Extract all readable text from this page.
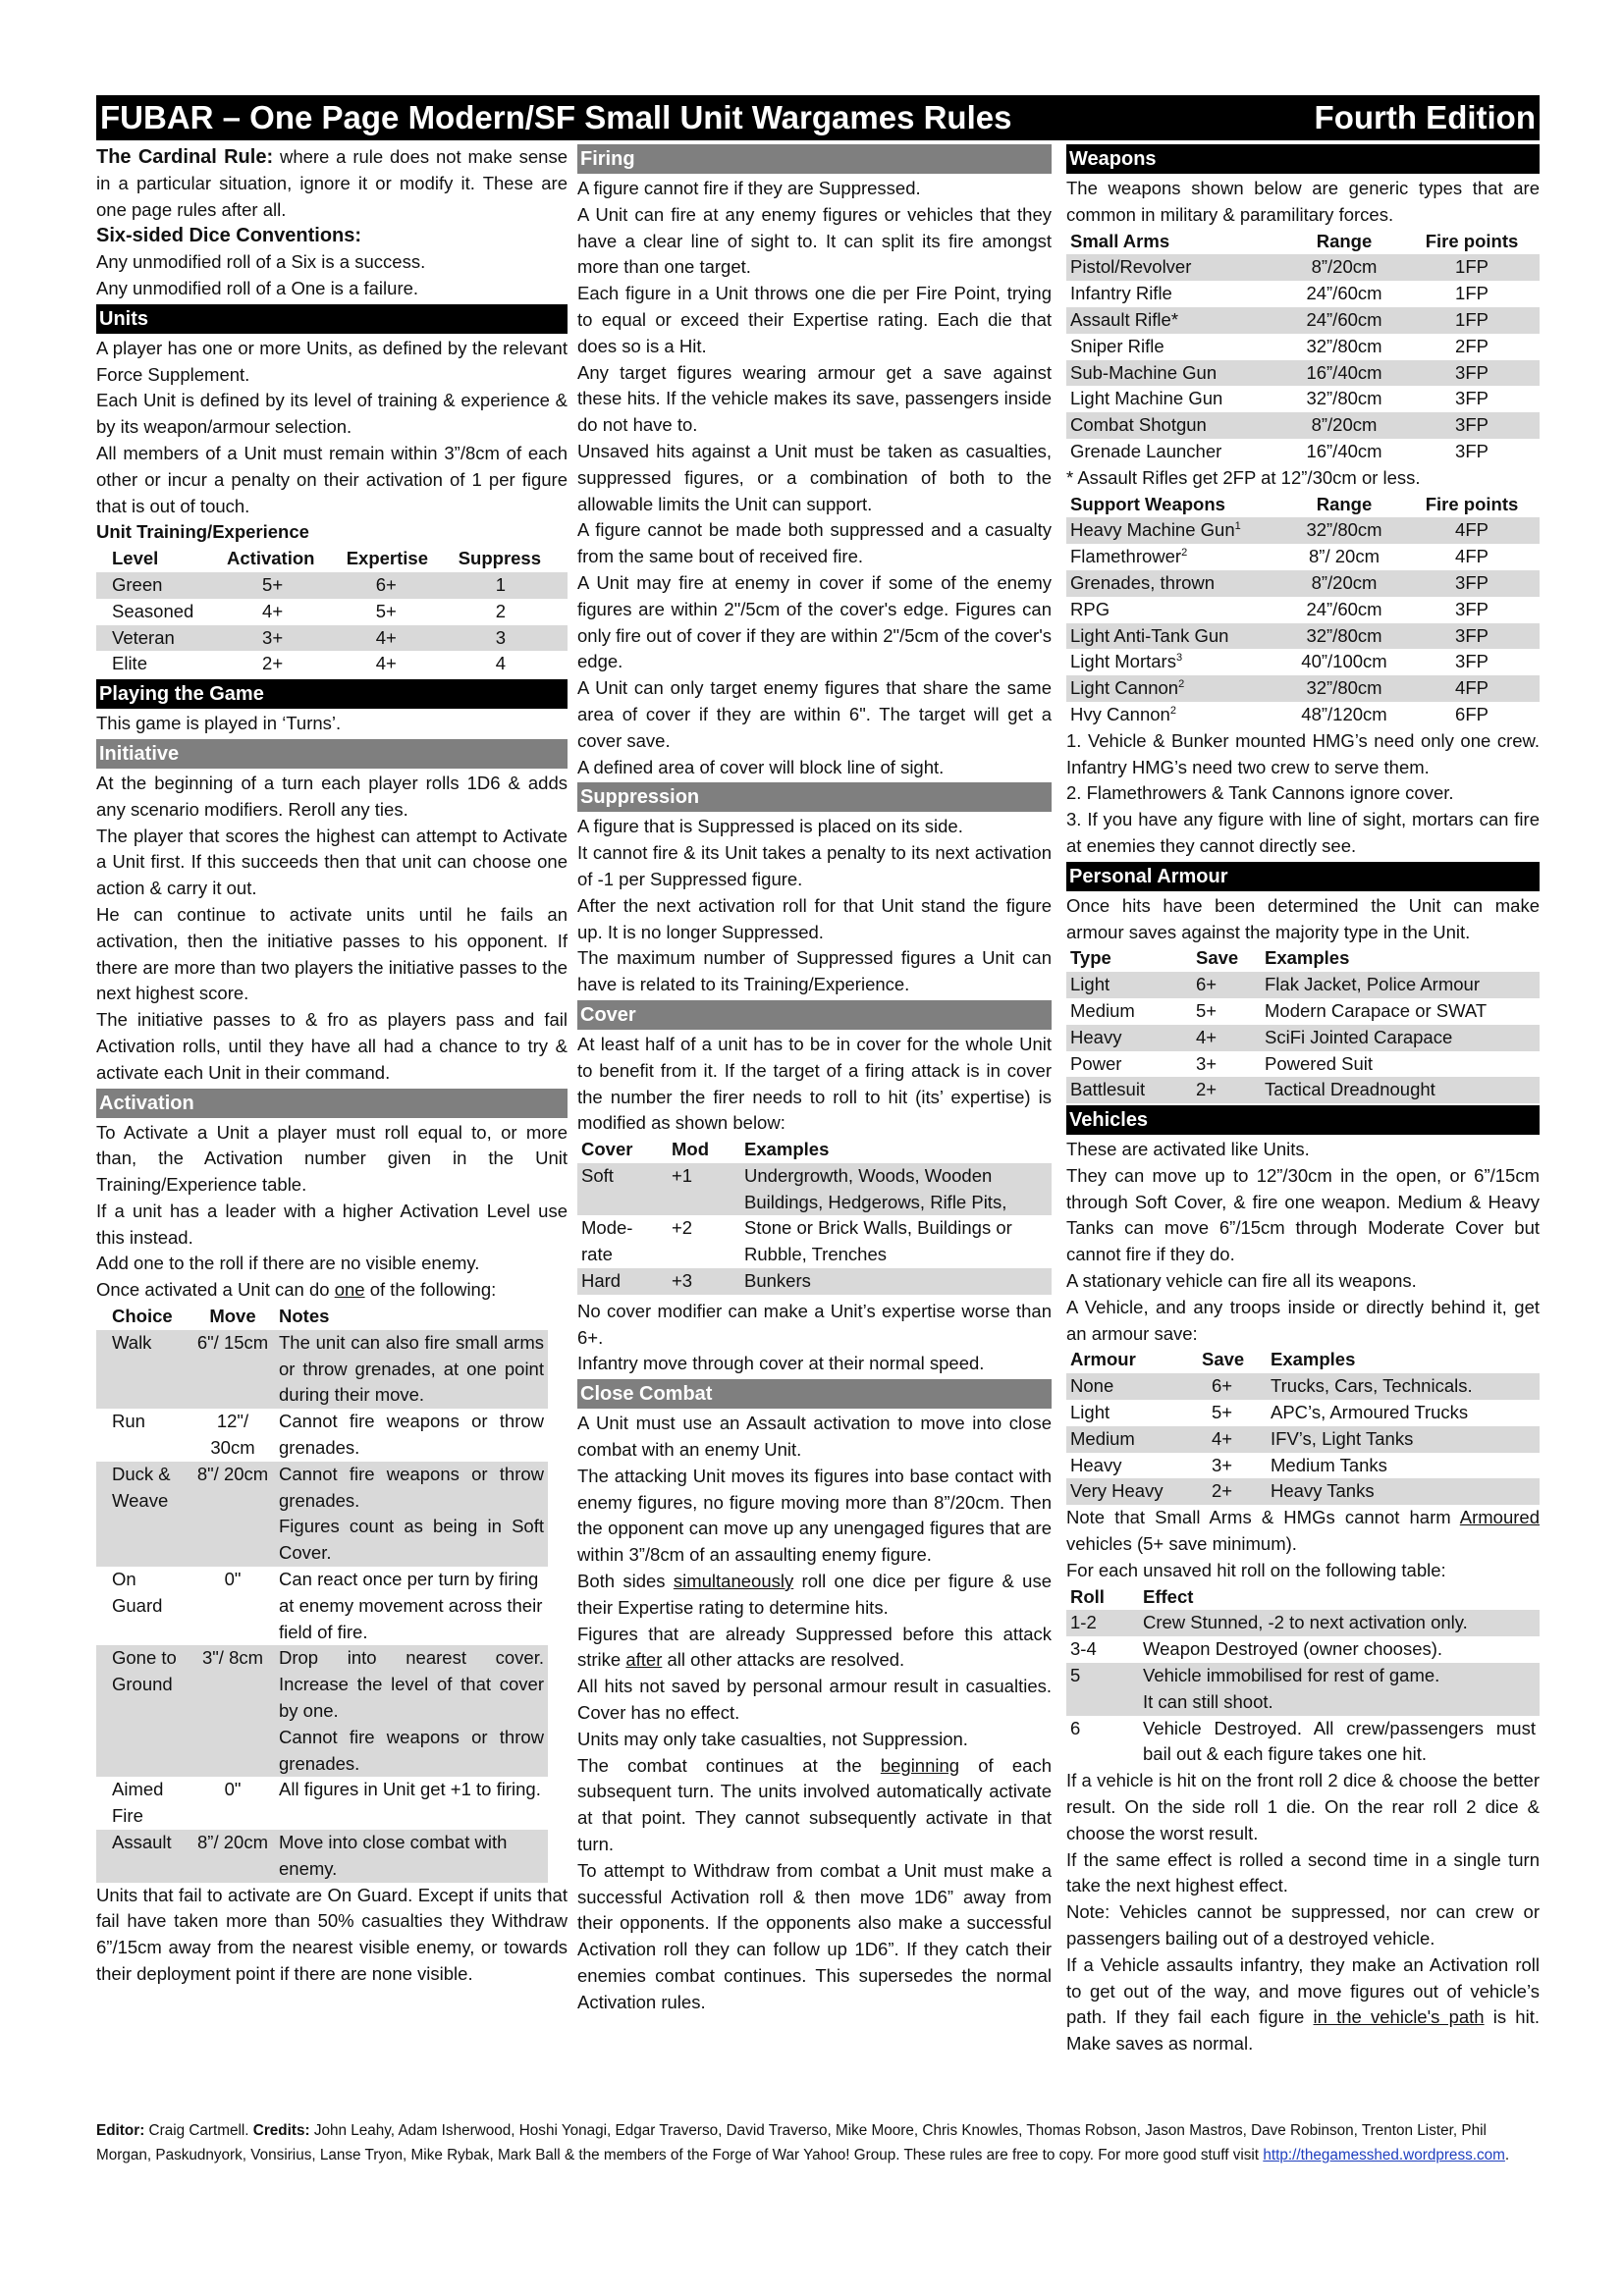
FUBAR – One Page Modern/SF Small Unit Wargames Rules	Fourth Edition

The Cardinal Rule: where a rule does not make sense in a particular situation, ignore it or modify it. These are one page rules after all.

Six-sided Dice Conventions:

Any unmodified roll of a Six is a success.

Any unmodified roll of a One is a failure.

Units

A player has one or more Units, as defined by the relevant Force Supplement.

Each Unit is defined by its level of training & experience & by its weapon/armour selection.

All members of a Unit must remain within 3”/8cm of each other or incur a penalty on their activation of 1 per figure that is out of touch.

Unit Training/Experience
Level	Activation	Expertise	Suppress
Green	5+	6+	1
Seasoned	4+	5+	2
Veteran	3+	4+	3
Elite	2+	4+	4
Playing the Game

This game is played in ‘Turns’.

Initiative

At the beginning of a turn each player rolls 1D6 & adds any scenario modifiers. Reroll any ties.

The player that scores the highest can attempt to Activate a Unit first. If this succeeds then that unit can choose one action & carry it out.

He can continue to activate units until he fails an activation, then the initiative passes to his opponent. If there are more than two players the initiative passes to the next highest score.

The initiative passes to & fro as players pass and fail Activation rolls, until they have all had a chance to try & activate each Unit in their command.

Activation

To Activate a Unit a player must roll equal to, or more than, the Activation number given in the Unit Training/Experience table.

If a unit has a leader with a higher Activation Level use this instead.

Add one to the roll if there are no visible enemy.

Once activated a Unit can do one of the following:

Choice	Move	Notes
Walk	6"/ 15cm	The unit can also fire small arms or throw grenades, at one point during their move.
Run	12"/ 30cm	Cannot fire weapons or throw grenades.
Duck & Weave	8"/ 20cm	Cannot fire weapons or throw grenades.
Figures count as being in Soft Cover.

On Guard	0"	Can react once per turn by firing at enemy movement across their field of fire.
Gone to Ground	3"/ 8cm	Drop into nearest cover. Increase the level of that cover by one.
Cannot fire weapons or throw grenades.

Aimed Fire	0"	All figures in Unit get +1 to firing.
Assault	8”/ 20cm	Move into close combat with enemy.

Units that fail to activate are On Guard. Except if units that fail have taken more than 50% casualties they Withdraw 6”/15cm away from the nearest visible enemy, or towards their deployment point if there are none visible.

Firing

A figure cannot fire if they are Suppressed.

A Unit can fire at any enemy figures or vehicles that they have a clear line of sight to. It can split its fire amongst more than one target.

Each figure in a Unit throws one die per Fire Point, trying to equal or exceed their Expertise rating. Each die that does so is a Hit.

Any target figures wearing armour get a save against these hits. If the vehicle makes its save, passengers inside do not have to.

Unsaved hits against a Unit must be taken as casualties, suppressed figures, or a combination of both to the allowable limits the Unit can support.

A figure cannot be made both suppressed and a casualty from the same bout of received fire.

A Unit may fire at enemy in cover if some of the enemy figures are within 2"/5cm of the cover's edge. Figures can only fire out of cover if they are within 2"/5cm of the cover's edge.

A Unit can only target enemy figures that share the same area of cover if they are within 6". The target will get a cover save.

A defined area of cover will block line of sight.

Suppression

A figure that is Suppressed is placed on its side.

It cannot fire & its Unit takes a penalty to its next activation of -1 per Suppressed figure.

After the next activation roll for that Unit stand the figure up. It is no longer Suppressed.

The maximum number of Suppressed figures a Unit can have is related to its Training/Experience.

Cover

At least half of a unit has to be in cover for the whole Unit to benefit from it. If the target of a firing attack is in cover the number the firer needs to roll to hit (its’ expertise) is modified as shown below:

Cover	Mod	Examples
Soft	+1	Undergrowth, Woods, Wooden Buildings, Hedgerows, Rifle Pits,
Mode-rate	+2	Stone or Brick Walls, Buildings or Rubble, Trenches
Hard	+3	Bunkers

No cover modifier can make a Unit’s expertise worse than 6+.

Infantry move through cover at their normal speed.

Close Combat

A Unit must use an Assault activation to move into close combat with an enemy Unit.

The attacking Unit moves its figures into base contact with enemy figures, no figure moving more than 8”/20cm. Then the opponent can move up any unengaged figures that are within 3”/8cm of an assaulting enemy figure.

Both sides simultaneously roll one dice per figure & use their Expertise rating to determine hits.

Figures that are already Suppressed before this attack strike after all other attacks are resolved.

All hits not saved by personal armour result in casualties. Cover has no effect.

Units may only take casualties, not Suppression.

The combat continues at the beginning of each subsequent turn. The units involved automatically activate at that point. They cannot subsequently activate in that turn.

To attempt to Withdraw from combat a Unit must make a successful Activation roll & then move 1D6” away from their opponents. If the opponents also make a successful Activation roll they can follow up 1D6”. If they catch their enemies combat continues. This supersedes the normal Activation rules.

Weapons

The weapons shown below are generic types that are common in military & paramilitary forces.

Small Arms	Range	Fire points
Pistol/Revolver	8”/20cm	1FP
Infantry Rifle	24”/60cm	1FP
Assault Rifle*	24”/60cm	1FP
Sniper Rifle	32”/80cm	2FP
Sub-Machine Gun	16”/40cm	3FP
Light Machine Gun	32”/80cm	3FP
Combat Shotgun	8”/20cm	3FP
Grenade Launcher	16”/40cm	3FP

* Assault Rifles get 2FP at 12”/30cm or less.

Support Weapons	Range	Fire points
Heavy Machine Gun$^1$	32”/80cm	4FP
Flamethrower$^2$	8”/ 20cm	4FP
Grenades, thrown	8”/20cm	3FP
RPG	24”/60cm	3FP
Light Anti-Tank Gun	32”/80cm	3FP
Light Mortars$^3$	40”/100cm	3FP
Light Cannon$^2$	32”/80cm	4FP
Hvy Cannon$^2$	48”/120cm	6FP

1. Vehicle & Bunker mounted HMG’s need only one crew. Infantry HMG’s need two crew to serve them.

2. Flamethrowers & Tank Cannons ignore cover.

3. If you have any figure with line of sight, mortars can fire at enemies they cannot directly see.

Personal Armour

Once hits have been determined the Unit can make armour saves against the majority type in the Unit.

Type	Save	Examples
Light	6+	Flak Jacket, Police Armour
Medium	5+	Modern Carapace or SWAT
Heavy	4+	SciFi Jointed Carapace
Power	3+	Powered Suit
Battlesuit	2+	Tactical Dreadnought
Vehicles

These are activated like Units.

They can move up to 12”/30cm in the open, or 6”/15cm through Soft Cover, & fire one weapon. Medium & Heavy Tanks can move 6”/15cm through Moderate Cover but cannot fire if they do.

A stationary vehicle can fire all its weapons.

A Vehicle, and any troops inside or directly behind it, get an armour save:

Armour	Save	Examples
None	6+	Trucks, Cars, Technicals.
Light	5+	APC’s, Armoured Trucks
Medium	4+	IFV’s, Light Tanks
Heavy	3+	Medium Tanks
Very Heavy	2+	Heavy Tanks

Note that Small Arms & HMGs cannot harm Armoured vehicles (5+ save minimum).

For each unsaved hit roll on the following table:

Roll	Effect
1-2	Crew Stunned, -2 to next activation only.
3-4	Weapon Destroyed (owner chooses).
5	Vehicle immobilised for rest of game.
It can still shoot.

6	Vehicle Destroyed. All crew/passengers must bail out & each figure takes one hit.

If a vehicle is hit on the front roll 2 dice & choose the better result. On the side roll 1 die. On the rear roll 2 dice & choose the worst result.

If the same effect is rolled a second time in a single turn take the next highest effect.

Note: Vehicles cannot be suppressed, nor can crew or passengers bailing out of a destroyed vehicle.

If a Vehicle assaults infantry, they make an Activation roll to get out of the way, and move figures out of vehicle’s path. If they fail each figure in the vehicle's path is hit. Make saves as normal.

Editor: Craig Cartmell. Credits: John Leahy, Adam Isherwood, Hoshi Yonagi, Edgar Traverso, David Traverso, Mike Moore, Chris Knowles, Thomas Robson, Jason Mastros, Dave Robinson, Trenton Lister, Phil Morgan, Paskudnyork, Vonsirius, Lanse Tryon, Mike Rybak, Mark Ball & the members of the Forge of War Yahoo! Group. These rules are free to copy. For more good stuff visit http://thegamesshed.wordpress.com.
